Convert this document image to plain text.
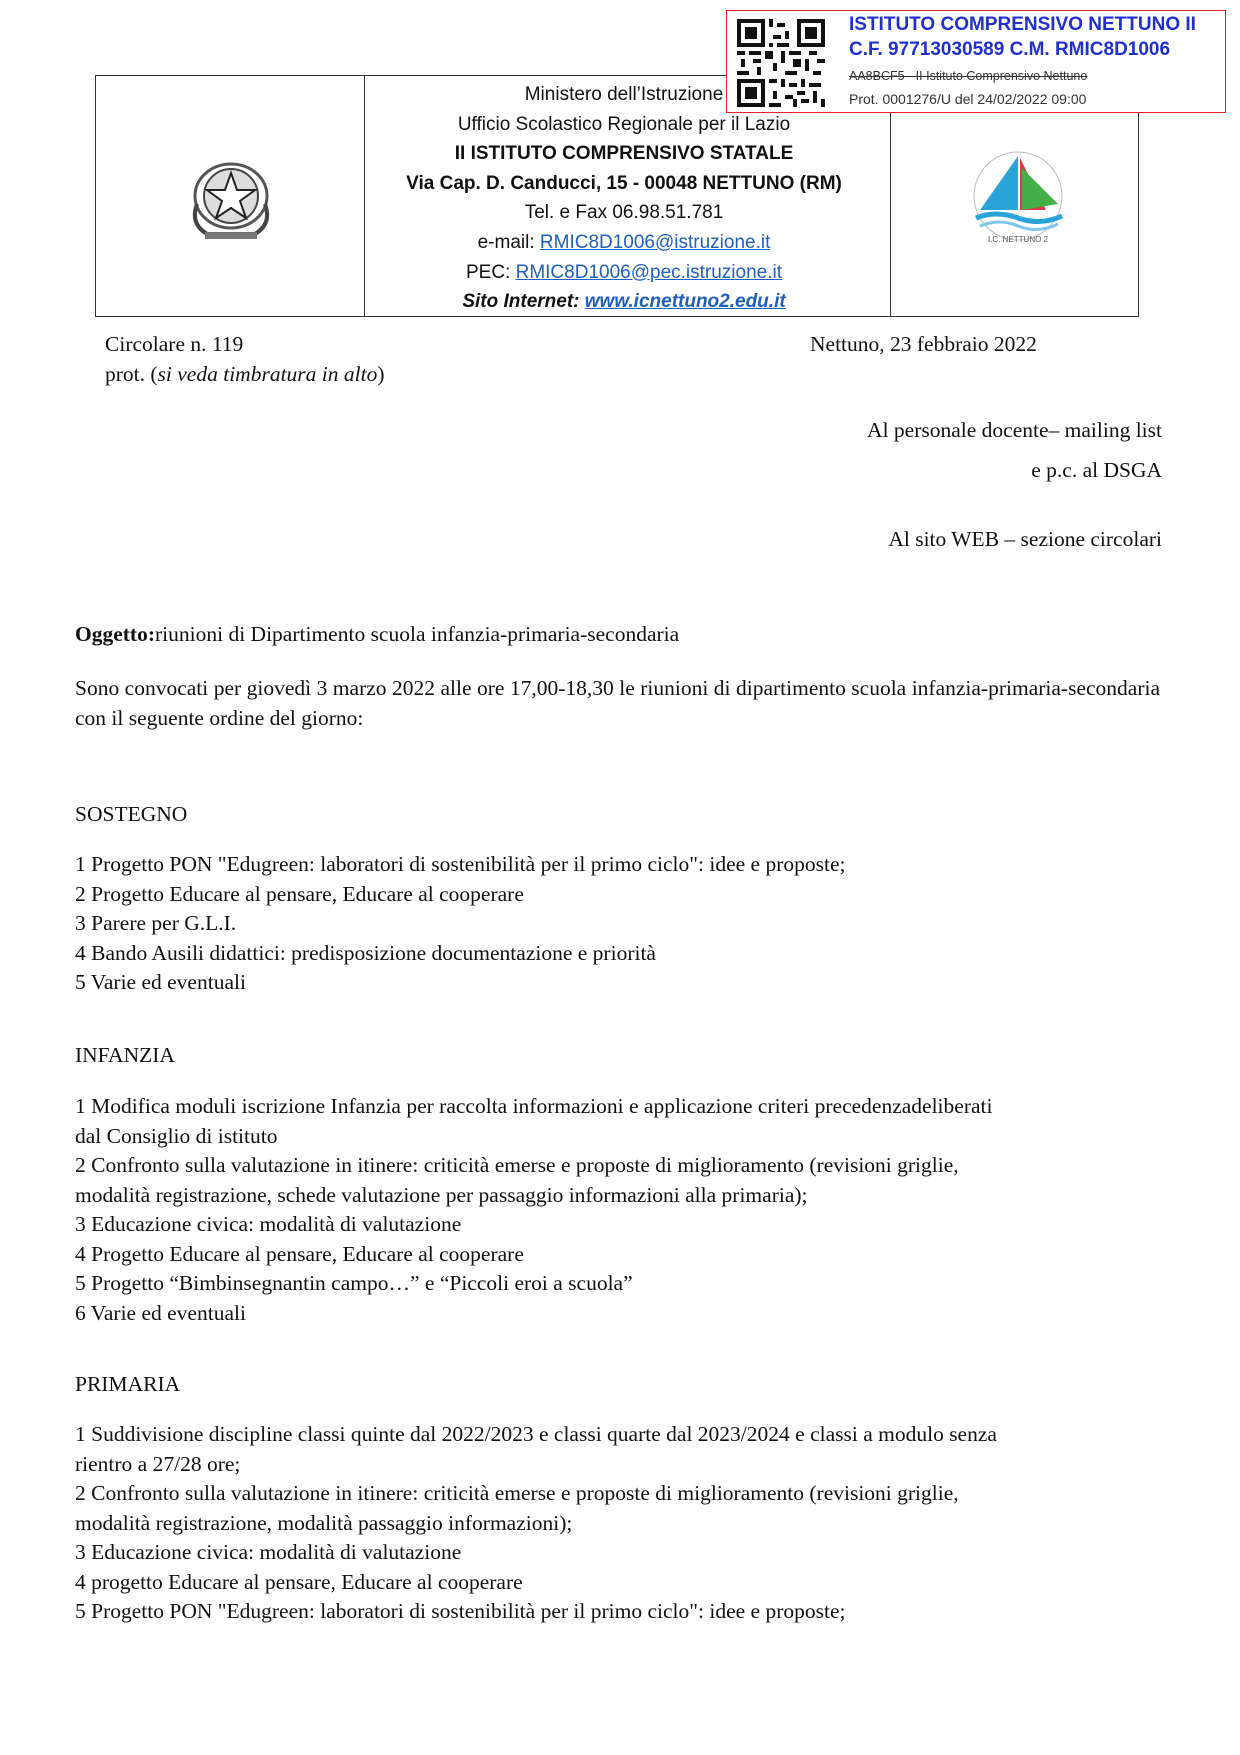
Ministero dell’Istruzione
Ufficio Scolastico Regionale per il Lazio
II ISTITUTO COMPRENSIVO STATALE
Via Cap. D. Canducci, 15 - 00048 NETTUNO (RM)
Tel. e Fax 06.98.51.781
e-mail: RMIC8D1006@istruzione.it
PEC: RMIC8D1006@pec.istruzione.it
Sito Internet: www.icnettuno2.edu.it
I.C. NETTUNO 2
ISTITUTO COMPRENSIVO NETTUNO II
C.F. 97713030589 C.M. RMIC8D1006
AA8BCF5 - II Istituto Comprensivo Nettuno
Prot. 0001276/U del 24/02/2022 09:00
Circolare n. 119
prot. (si veda timbratura in alto)
Nettuno, 23 febbraio 2022
Al personale docente– mailing list
e p.c. al DSGA
Al sito WEB – sezione circolari
Oggetto:riunioni di Dipartimento scuola infanzia-primaria-secondaria
Sono convocati per giovedì 3 marzo 2022 alle ore 17,00-18,30 le riunioni di dipartimento scuola infanzia-primaria-secondaria con il seguente ordine del giorno:
SOSTEGNO
1 Progetto PON "Edugreen: laboratori di sostenibilità per il primo ciclo": idee e proposte;
2 Progetto Educare al pensare, Educare al cooperare
3 Parere per G.L.I.
4 Bando Ausili didattici: predisposizione documentazione e priorità
5 Varie ed eventuali
INFANZIA
1 Modifica moduli iscrizione Infanzia per raccolta informazioni e applicazione criteri precedenzadeliberati
dal Consiglio di istituto
2 Confronto sulla valutazione in itinere: criticità emerse e proposte di miglioramento (revisioni griglie,
modalità registrazione, schede valutazione per passaggio informazioni alla primaria);
3 Educazione civica: modalità di valutazione
4 Progetto Educare al pensare, Educare al cooperare
5 Progetto “Bimbinsegnantin campo…” e “Piccoli eroi a scuola”
6 Varie ed eventuali
PRIMARIA
1 Suddivisione discipline classi quinte dal 2022/2023 e classi quarte dal 2023/2024 e classi a modulo senza
rientro a 27/28 ore;
2 Confronto sulla valutazione in itinere: criticità emerse e proposte di miglioramento (revisioni griglie,
modalità registrazione, modalità passaggio informazioni);
3 Educazione civica: modalità di valutazione
4 progetto Educare al pensare, Educare al cooperare
5 Progetto PON "Edugreen: laboratori di sostenibilità per il primo ciclo": idee e proposte;
